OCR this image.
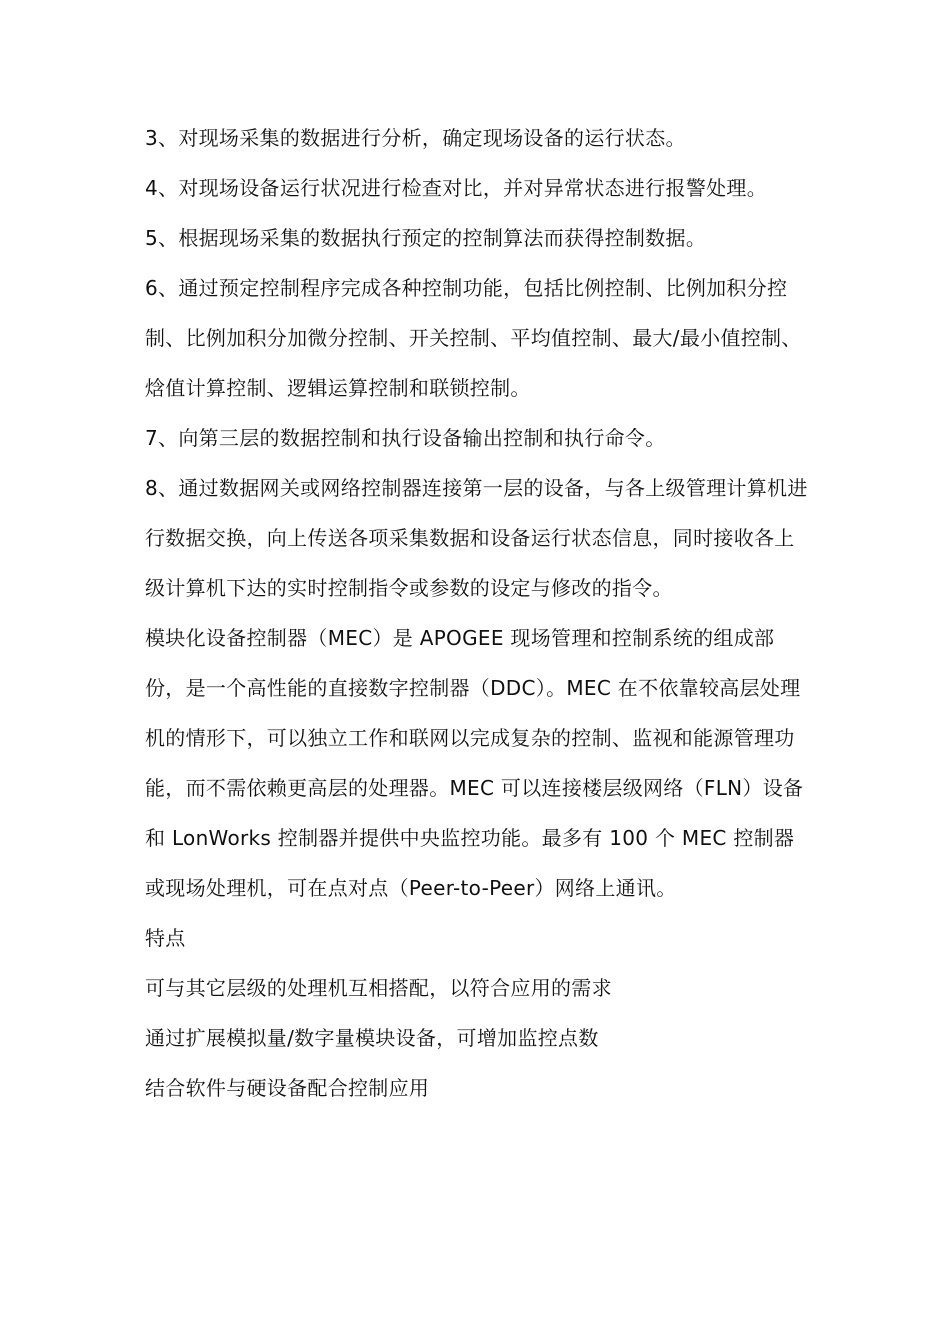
3、对现场采集的数据进行分析，确定现场设备的运行状态。

4、对现场设备运行状况进行检查对比，并对异常状态进行报警处理。

5、根据现场采集的数据执行预定的控制算法而获得控制数据。

6、通过预定控制程序完成各种控制功能，包括比例控制、比例加积分控制、比例加积分加微分控制、开关控制、平均值控制、最大/最小值控制、焓值计算控制、逻辑运算控制和联锁控制。

7、向第三层的数据控制和执行设备输出控制和执行命令。

8、通过数据网关或网络控制器连接第一层的设备，与各上级管理计算机进行数据交换，向上传送各项采集数据和设备运行状态信息，同时接收各上级计算机下达的实时控制指令或参数的设定与修改的指令。

模块化设备控制器（MEC）是 APOGEE 现场管理和控制系统的组成部份，是一个高性能的直接数字控制器（DDC）。MEC 在不依靠较高层处理机的情形下，可以独立工作和联网以完成复杂的控制、监视和能源管理功能，而不需依赖更高层的处理器。MEC 可以连接楼层级网络（FLN）设备和 LonWorks 控制器并提供中央监控功能。最多有 100 个 MEC 控制器或现场处理机，可在点对点（Peer-to-Peer）网络上通讯。

特点

可与其它层级的处理机互相搭配，以符合应用的需求

通过扩展模拟量/数字量模块设备，可增加监控点数

结合软件与硬设备配合控制应用
